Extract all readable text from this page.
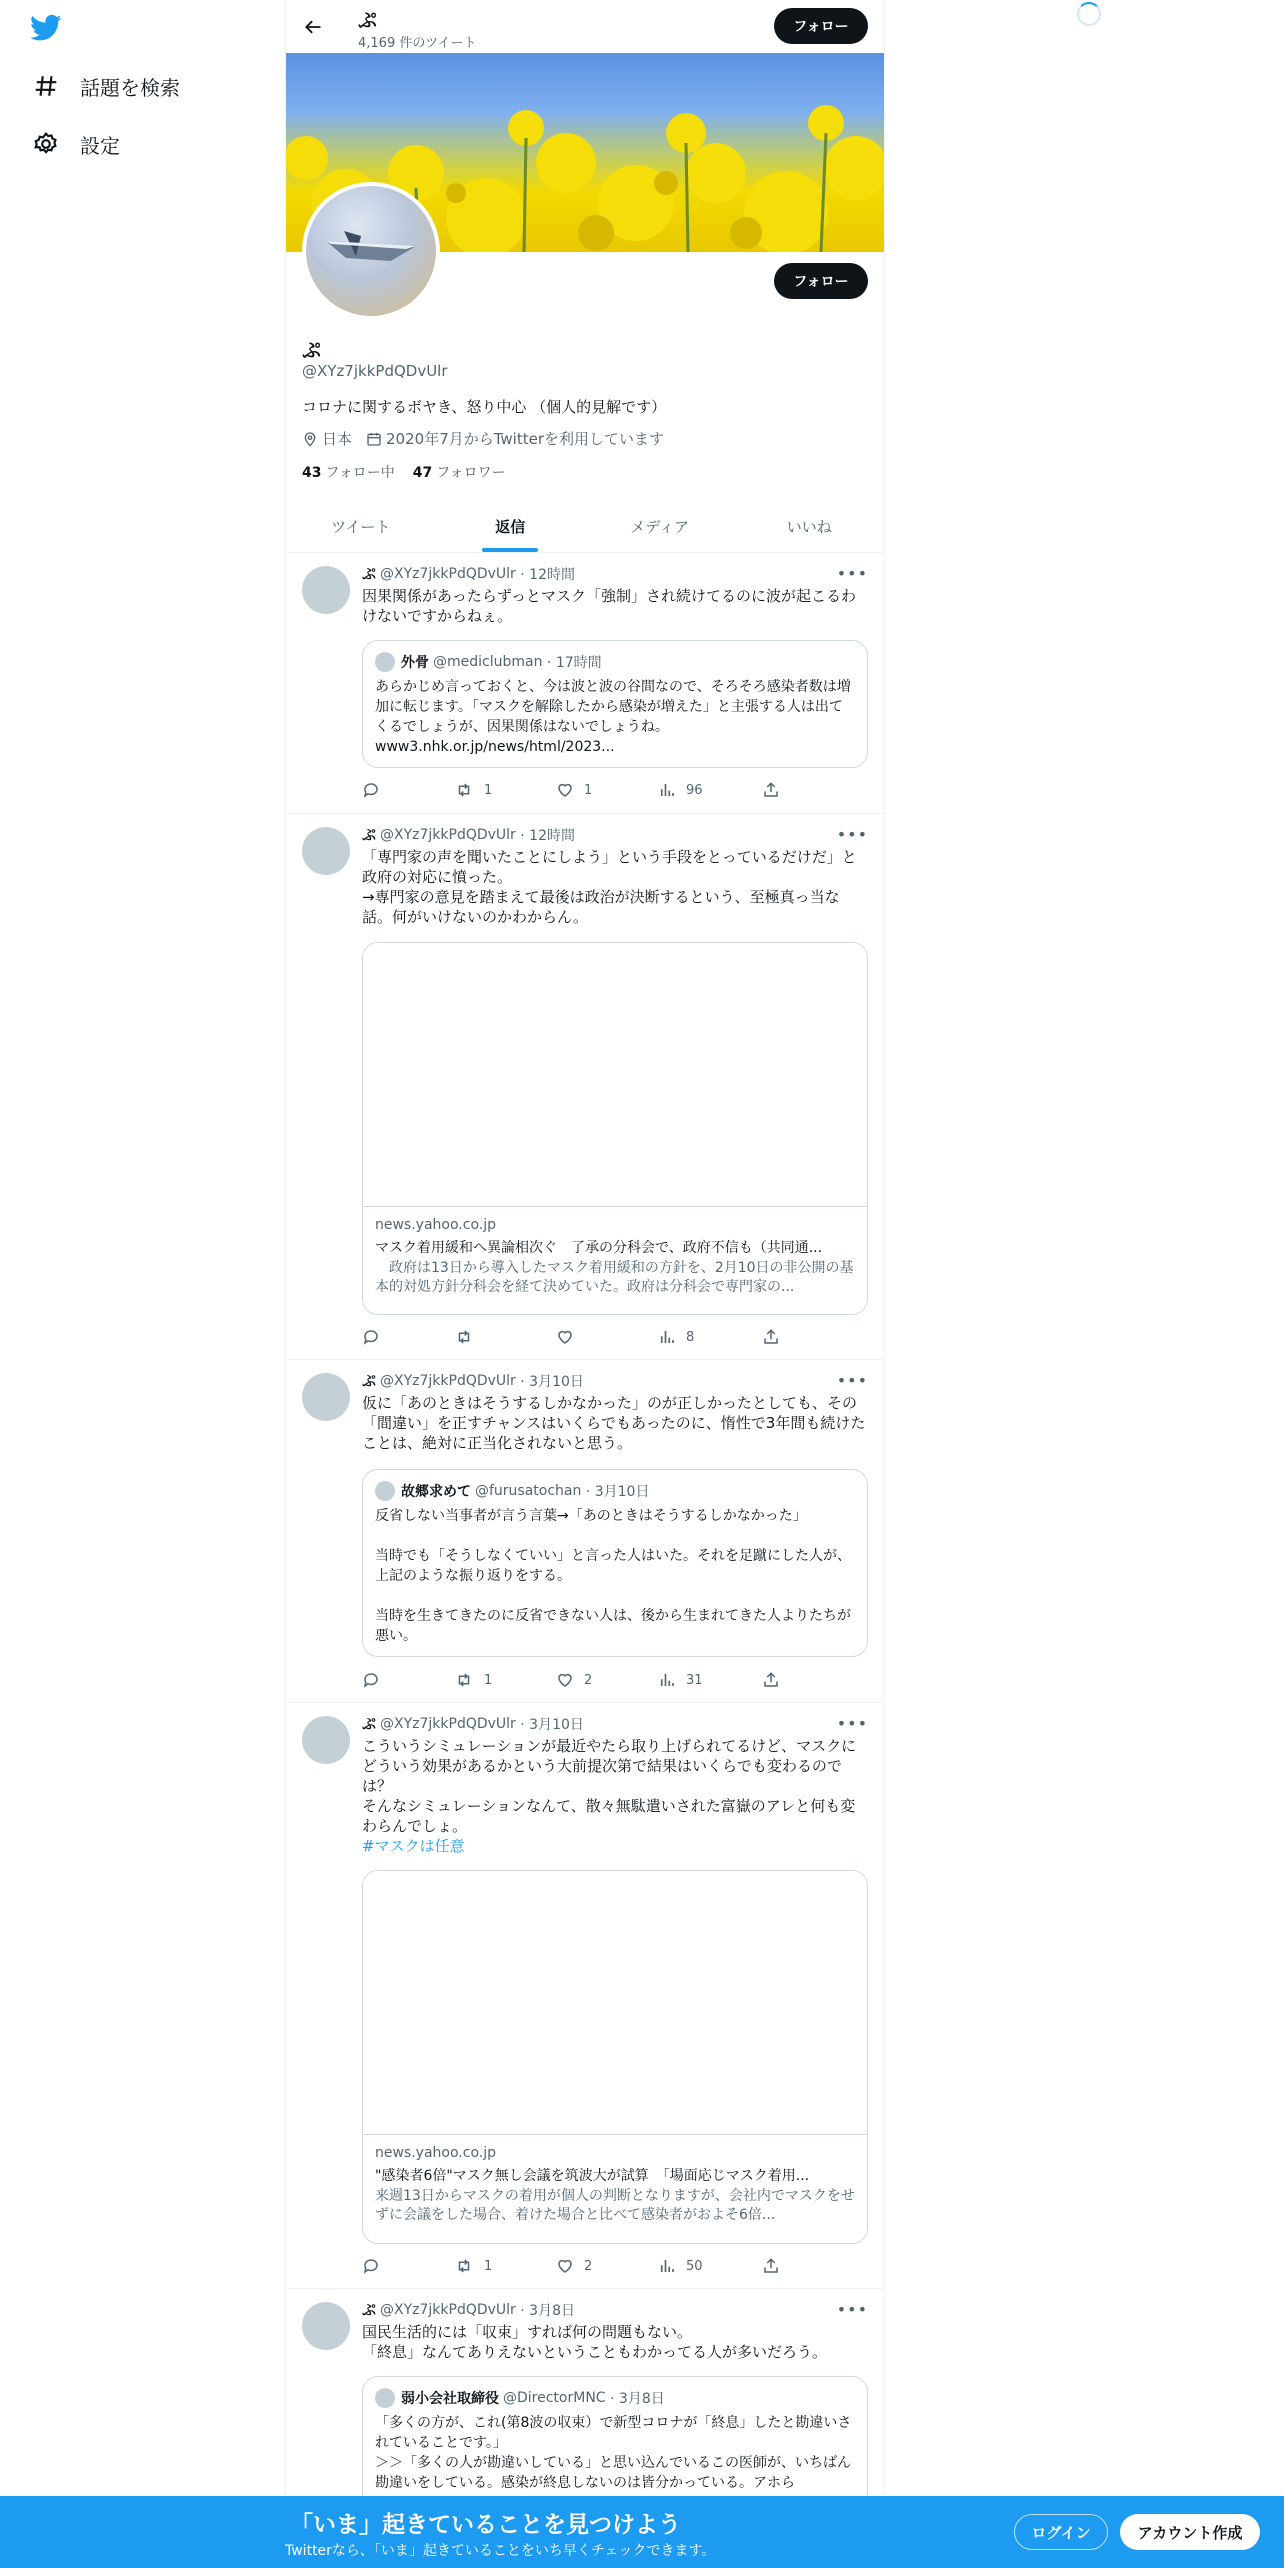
話題を検索
設定
ぷ
4,169 件のツイート
フォロー
フォロー
ぷ
@XYz7jkkPdQDvUlr
コロナに関するボヤき、怒り中心 （個人的見解です）
日本 2020年7月からTwitterを利用しています
43 フォロー中 47 フォロワー
ツイート	返信	メディア	いいね
ぷ @XYz7jkkPdQDvUlr
· 12時間	•••
因果関係があったらずっとマスク「強制」され続けてるのに波が起こるわけないですからねぇ。
外骨 @mediclubman
· 17時間
あらかじめ言っておくと、今は波と波の谷間なので、そろそろ感染者数は増加に転じます。「マスクを解除したから感染が増えた」と主張する人は出てくるでしょうが、因果関係はないでしょうね。
www3.nhk.or.jp/news/html/2023...
1	1	96
ぷ @XYz7jkkPdQDvUlr
· 12時間	•••
「専門家の声を聞いたことにしよう」という手段をとっているだけだ」と政府の対応に憤った。
→専門家の意見を踏まえて最後は政治が決断するという、至極真っ当な話。何がいけないのかわからん。
news.yahoo.co.jp
マスク着用緩和へ異論相次ぐ　了承の分科会で、政府不信も（共同通...
　政府は13日から導入したマスク着用緩和の方針を、2月10日の非公開の基本的対処方針分科会を経て決めていた。政府は分科会で専門家の...
8
ぷ @XYz7jkkPdQDvUlr
· 3月10日	•••
仮に「あのときはそうするしかなかった」のが正しかったとしても、その「間違い」を正すチャンスはいくらでもあったのに、惰性で3年間も続けたことは、絶対に正当化されないと思う。
故郷求めて @furusatochan
· 3月10日
反省しない当事者が言う言葉→「あのときはそうするしかなかった」

当時でも「そうしなくていい」と言った人はいた。それを足蹴にした人が、上記のような振り返りをする。

当時を生きてきたのに反省できない人は、後から生まれてきた人よりたちが悪い。
1	2	31
ぷ @XYz7jkkPdQDvUlr
· 3月10日	•••
こういうシミュレーションが最近やたら取り上げられてるけど、マスクにどういう効果があるかという大前提次第で結果はいくらでも変わるのでは？
そんなシミュレーションなんて、散々無駄遣いされた富嶽のアレと何も変わらんでしょ。
#マスクは任意
news.yahoo.co.jp
"感染者6倍"マスク無し会議を筑波大が試算　「場面応じマスク着用...
来週13日からマスクの着用が個人の判断となりますが、会社内でマスクをせずに会議をした場合、着けた場合と比べて感染者がおよそ6倍...
1	2	50
ぷ @XYz7jkkPdQDvUlr
· 3月8日	•••
国民生活的には「収束」すれば何の問題もない。
「終息」なんてありえないということもわかってる人が多いだろう。
弱小会社取締役 @DirectorMNC
· 3月8日
「多くの方が、これ(第8波の収束）で新型コロナが「終息」したと勘違いされていることです。」
＞＞「多くの人が勘違いしている」と思い込んでいるこの医師が、いちばん勘違いをしている。感染が終息しないのは皆分かっている。アホら
「いま」起きていることを見つけよう
Twitterなら、「いま」起きていることをいち早くチェックできます。
ログイン	アカウント作成
